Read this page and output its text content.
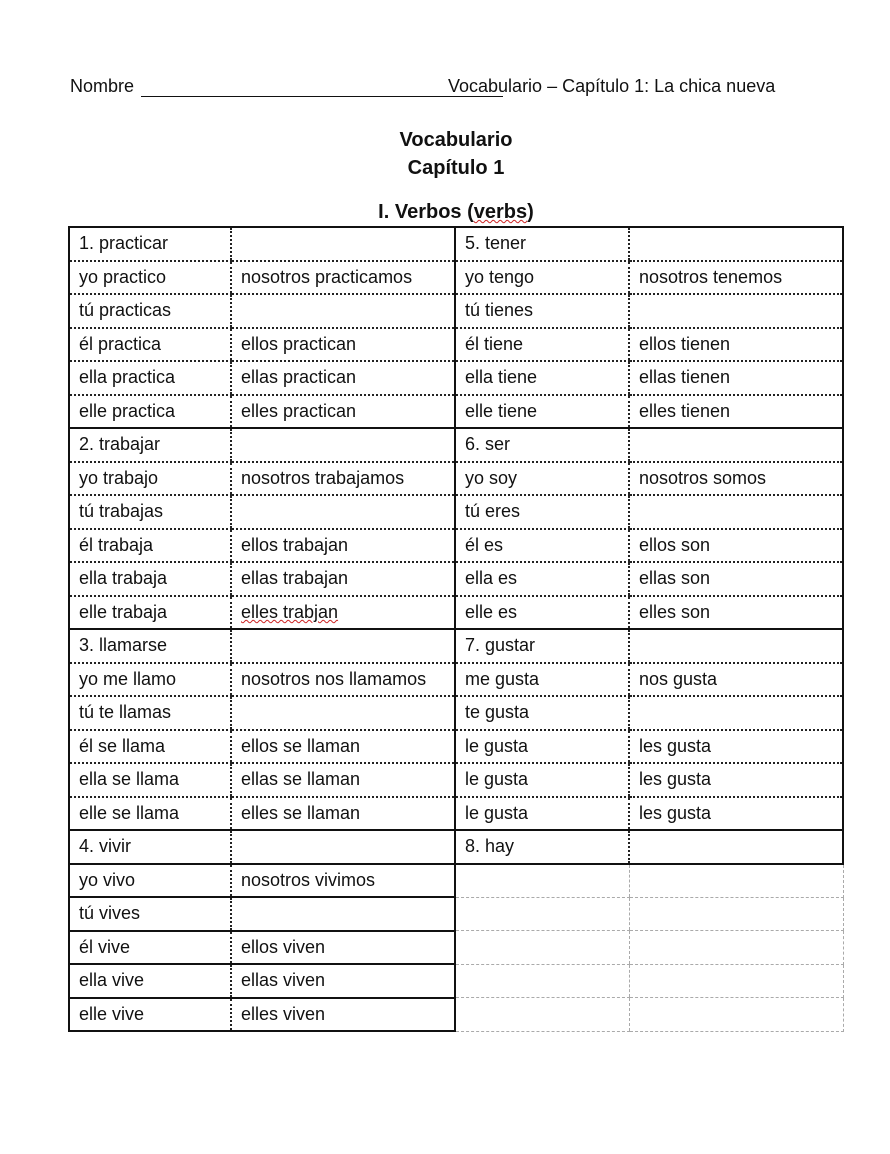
Nombre	Vocabulario – Capítulo 1: La chica nueva
Vocabulario
Capítulo 1
I. Verbos (verbs)
1. practicar		5. tener	
yo practico	nosotros practicamos	yo tengo	nosotros tenemos
tú practicas		tú tienes	
él practica	ellos practican	él tiene	ellos tienen
ella practica	ellas practican	ella tiene	ellas tienen
elle practica	elles practican	elle tiene	elles tienen
2. trabajar		6. ser	
yo trabajo	nosotros trabajamos	yo soy	nosotros somos
tú trabajas		tú eres	
él trabaja	ellos trabajan	él es	ellos son
ella trabaja	ellas trabajan	ella es	ellas son
elle trabaja	elles trabjan	elle es	elles son
3. llamarse		7. gustar	
yo me llamo	nosotros nos llamamos	me gusta	nos gusta
tú te llamas		te gusta	
él se llama	ellos se llaman	le gusta	les gusta
ella se llama	ellas se llaman	le gusta	les gusta
elle se llama	elles se llaman	le gusta	les gusta
4. vivir		8. hay	
yo vivo	nosotros vivimos		
tú vives			
él vive	ellos viven		
ella vive	ellas viven		
elle vive	elles viven		
